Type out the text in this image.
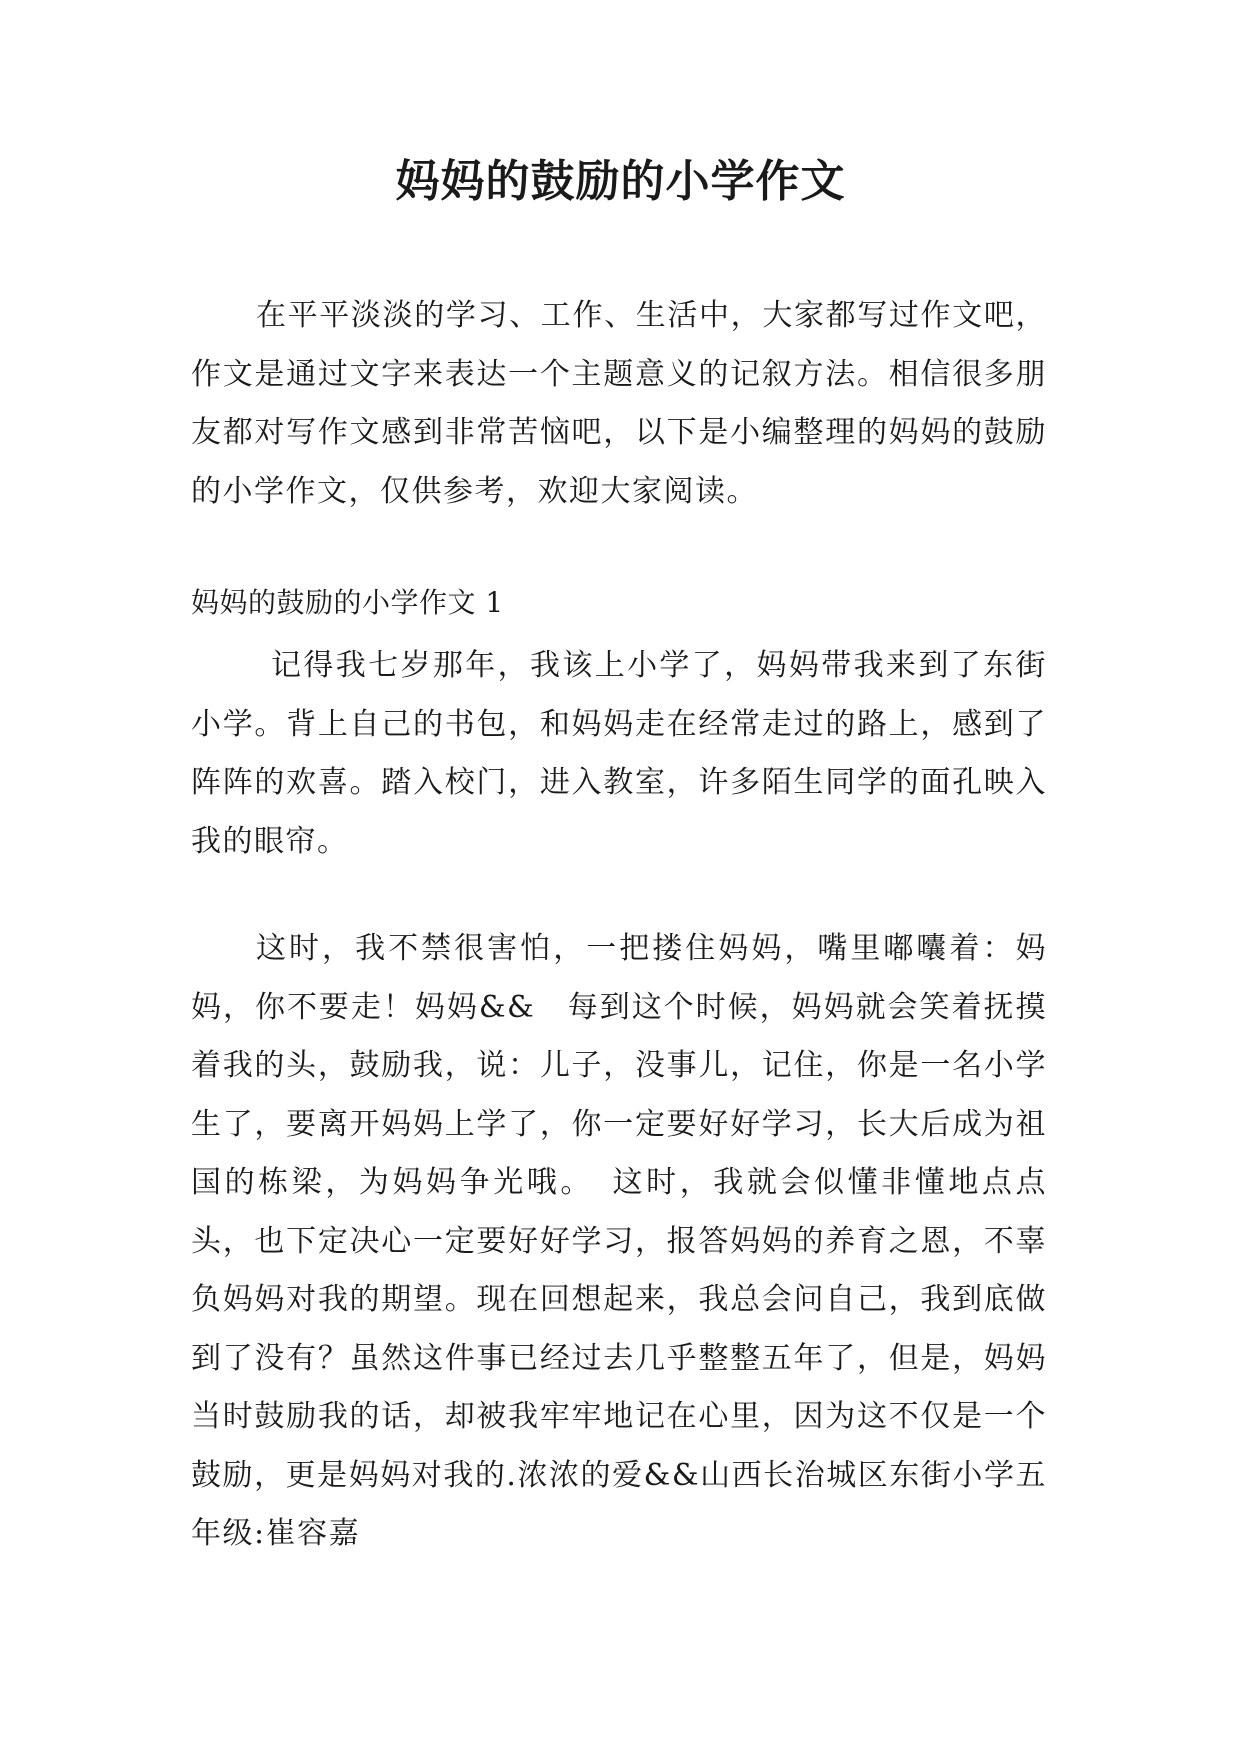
妈妈的鼓励的小学作文

在平平淡淡的学习、工作、生活中，大家都写过作文吧，作文是通过文字来表达一个主题意义的记叙方法。相信很多朋友都对写作文感到非常苦恼吧，以下是小编整理的妈妈的鼓励的小学作文，仅供参考，欢迎大家阅读。

妈妈的鼓励的小学作文 1

记得我七岁那年，我该上小学了，妈妈带我来到了东街小学。背上自己的书包，和妈妈走在经常走过的路上，感到了阵阵的欢喜。踏入校门，进入教室，许多陌生同学的面孔映入我的眼帘。

这时，我不禁很害怕，一把搂住妈妈，嘴里嘟囔着：妈妈，你不要走！妈妈&&　每到这个时候，妈妈就会笑着抚摸着我的头，鼓励我，说：儿子，没事儿，记住，你是一名小学生了，要离开妈妈上学了，你一定要好好学习，长大后成为祖国的栋梁，为妈妈争光哦。　这时，我就会似懂非懂地点点头，也下定决心一定要好好学习，报答妈妈的养育之恩，不辜负妈妈对我的期望。现在回想起来，我总会问自己，我到底做到了没有？虽然这件事已经过去几乎整整五年了，但是，妈妈当时鼓励我的话，却被我牢牢地记在心里，因为这不仅是一个鼓励，更是妈妈对我的.浓浓的爱&&山西长治城区东街小学五年级:崔容嘉
